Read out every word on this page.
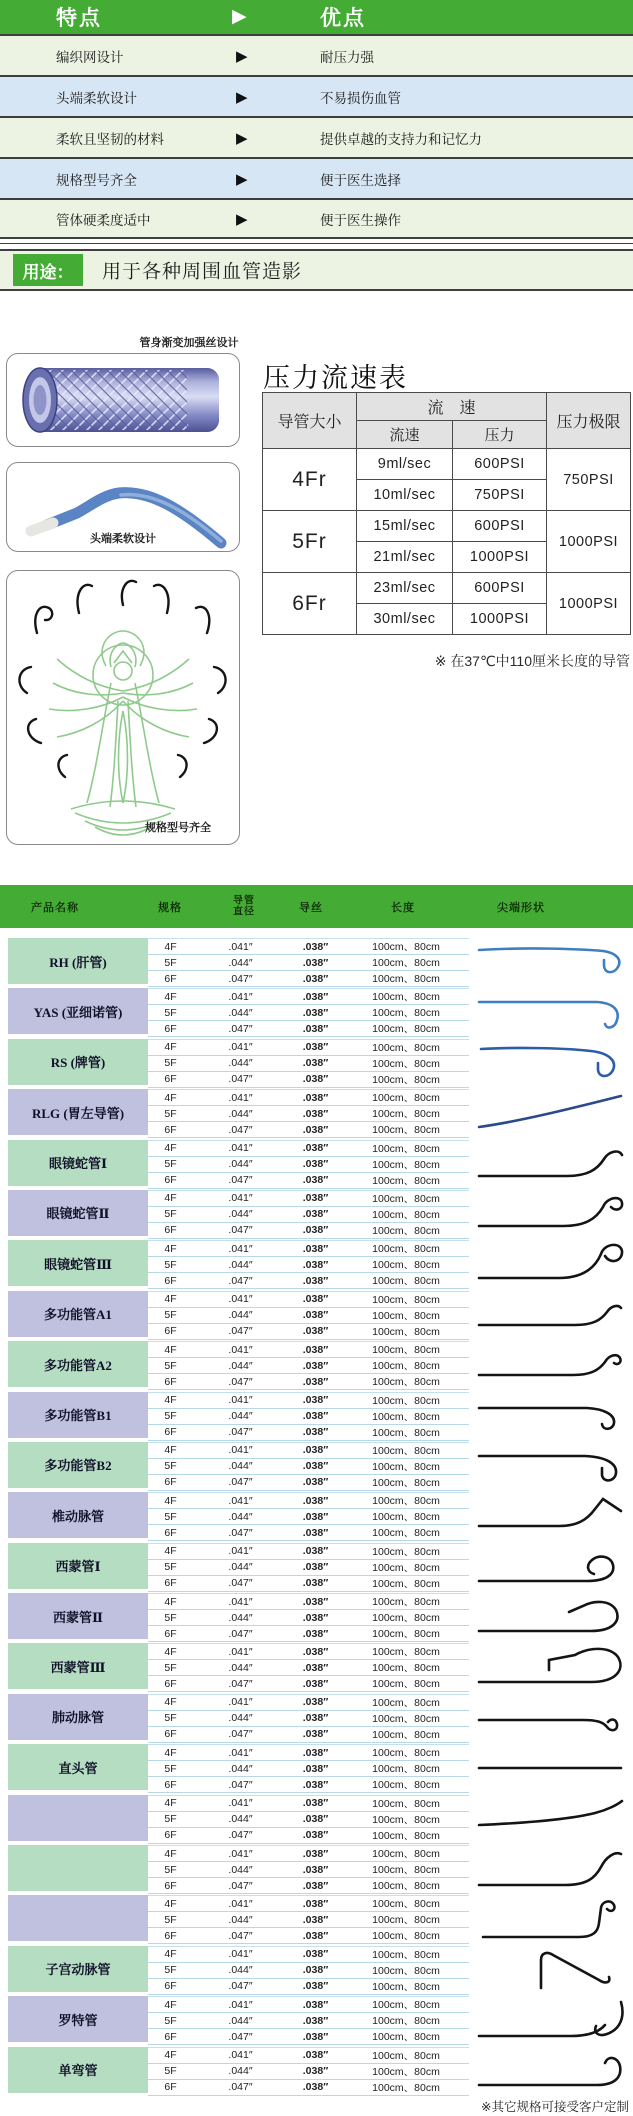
特点	▶	优点
编织网设计	▶	耐压力强
头端柔软设计	▶	不易损伤血管
柔软且坚韧的材料	▶	提供卓越的支持力和记忆力
规格型号齐全	▶	便于医生选择
管体硬柔度适中	▶	便于医生操作
用途：	用于各种周围血管造影
管身渐变加强丝设计
头端柔软设计
规格型号齐全
压力流速表
导管大小	流　速		压力极限
	流速	压力	
4Fr	9ml/sec	600PSI	750PSI
	10ml/sec	750PSI	
5Fr	15ml/sec	600PSI	1000PSI
	21ml/sec	1000PSI	
6Fr	23ml/sec	600PSI	1000PSI
	30ml/sec	1000PSI	
※ 在37℃中110厘米长度的导管
产品名称	规格
导管
直径	导丝	长度	尖端形状
RH (肝管)
4F	.041″	.038″	100cm、80cm
5F	.044″	.038″	100cm、80cm
6F	.047″	.038″	100cm、80cm
YAS (亚细诺管)
4F	.041″	.038″	100cm、80cm
5F	.044″	.038″	100cm、80cm
6F	.047″	.038″	100cm、80cm
RS (牌管)
4F	.041″	.038″	100cm、80cm
5F	.044″	.038″	100cm、80cm
6F	.047″	.038″	100cm、80cm
RLG (胃左导管)
4F	.041″	.038″	100cm、80cm
5F	.044″	.038″	100cm、80cm
6F	.047″	.038″	100cm、80cm
眼镜蛇管Ⅰ
4F	.041″	.038″	100cm、80cm
5F	.044″	.038″	100cm、80cm
6F	.047″	.038″	100cm、80cm
眼镜蛇管Ⅱ
4F	.041″	.038″	100cm、80cm
5F	.044″	.038″	100cm、80cm
6F	.047″	.038″	100cm、80cm
眼镜蛇管Ⅲ
4F	.041″	.038″	100cm、80cm
5F	.044″	.038″	100cm、80cm
6F	.047″	.038″	100cm、80cm
多功能管A1
4F	.041″	.038″	100cm、80cm
5F	.044″	.038″	100cm、80cm
6F	.047″	.038″	100cm、80cm
多功能管A2
4F	.041″	.038″	100cm、80cm
5F	.044″	.038″	100cm、80cm
6F	.047″	.038″	100cm、80cm
多功能管B1
4F	.041″	.038″	100cm、80cm
5F	.044″	.038″	100cm、80cm
6F	.047″	.038″	100cm、80cm
多功能管B2
4F	.041″	.038″	100cm、80cm
5F	.044″	.038″	100cm、80cm
6F	.047″	.038″	100cm、80cm
椎动脉管
4F	.041″	.038″	100cm、80cm
5F	.044″	.038″	100cm、80cm
6F	.047″	.038″	100cm、80cm
西蒙管Ⅰ
4F	.041″	.038″	100cm、80cm
5F	.044″	.038″	100cm、80cm
6F	.047″	.038″	100cm、80cm
西蒙管Ⅱ
4F	.041″	.038″	100cm、80cm
5F	.044″	.038″	100cm、80cm
6F	.047″	.038″	100cm、80cm
西蒙管Ⅲ
4F	.041″	.038″	100cm、80cm
5F	.044″	.038″	100cm、80cm
6F	.047″	.038″	100cm、80cm
肺动脉管
4F	.041″	.038″	100cm、80cm
5F	.044″	.038″	100cm、80cm
6F	.047″	.038″	100cm、80cm
直头管
4F	.041″	.038″	100cm、80cm
5F	.044″	.038″	100cm、80cm
6F	.047″	.038″	100cm、80cm
4F	.041″	.038″	100cm、80cm
5F	.044″	.038″	100cm、80cm
6F	.047″	.038″	100cm、80cm
4F	.041″	.038″	100cm、80cm
5F	.044″	.038″	100cm、80cm
6F	.047″	.038″	100cm、80cm
4F	.041″	.038″	100cm、80cm
5F	.044″	.038″	100cm、80cm
6F	.047″	.038″	100cm、80cm
子宫动脉管
4F	.041″	.038″	100cm、80cm
5F	.044″	.038″	100cm、80cm
6F	.047″	.038″	100cm、80cm
罗特管
4F	.041″	.038″	100cm、80cm
5F	.044″	.038″	100cm、80cm
6F	.047″	.038″	100cm、80cm
单弯管
4F	.041″	.038″	100cm、80cm
5F	.044″	.038″	100cm、80cm
6F	.047″	.038″	100cm、80cm
※其它规格可接受客户定制
